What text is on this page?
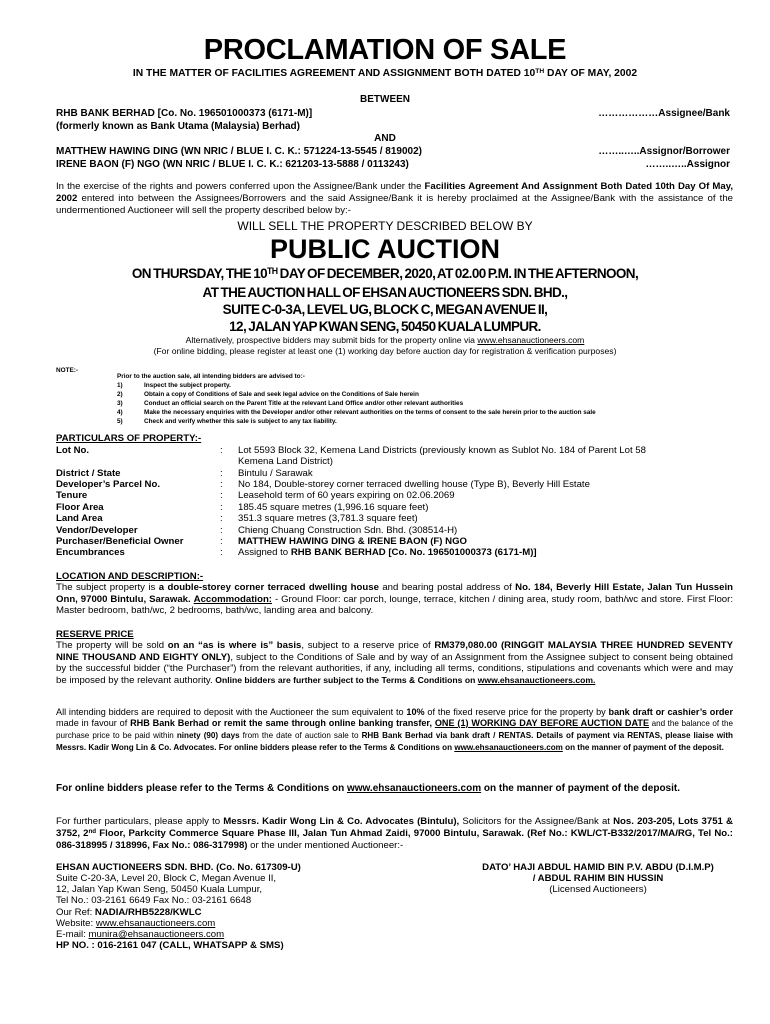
PROCLAMATION OF SALE

IN THE MATTER OF FACILITIES AGREEMENT AND ASSIGNMENT BOTH DATED 10TH DAY OF MAY, 2002

BETWEEN

RHB BANK BERHAD [Co. No. 196501000373 (6171-M)]	………………Assignee/Bank

(formerly known as Bank Utama (Malaysia) Berhad)

AND

MATTHEW HAWING DING (WN NRIC / BLUE I. C. K.: 571224-13-5545 / 819002)	……..…..Assignor/Borrower

IRENE BAON (F) NGO (WN NRIC / BLUE I. C. K.: 621203-13-5888 / 0113243)	……..…..Assignor

In the exercise of the rights and powers conferred upon the Assignee/Bank under the Facilities Agreement And Assignment Both Dated 10th Day Of May, 2002 entered into between the Assignees/Borrowers and the said Assignee/Bank it is hereby proclaimed at the Assignee/Bank with the assistance of the undermentioned Auctioneer will sell the property described below by:-

WILL SELL THE PROPERTY DESCRIBED BELOW BY

PUBLIC AUCTION

ON THURSDAY, THE 10TH DAY OF DECEMBER, 2020, AT 02.00 P.M. IN THE AFTERNOON,

AT THE AUCTION HALL OF EHSAN AUCTIONEERS SDN. BHD.,

SUITE C-0-3A, LEVEL UG, BLOCK C, MEGAN AVENUE II,

12, JALAN YAP KWAN SENG, 50450 KUALA LUMPUR.

Alternatively, prospective bidders may submit bids for the property online via www.ehsanauctioneers.com

(For online bidding, please register at least one (1) working day before auction day for registration & verification purposes)

NOTE:-

Prior to the auction sale, all intending bidders are advised to:-

1)	Inspect the subject property.

2)	Obtain a copy of Conditions of Sale and seek legal advice on the Conditions of Sale herein

3)	Conduct an official search on the Parent Title at the relevant Land Office and/or other relevant authorities

4)	Make the necessary enquiries with the Developer and/or other relevant authorities on the terms of consent to the sale herein prior to the auction sale

5)	Check and verify whether this sale is subject to any tax liability.

PARTICULARS OF PROPERTY:-

Lot No.	: Lot 5593 Block 32, Kemena Land Districts (previously known as Sublot No. 184 of Parent Lot 58
Kemena Land District)
District / State	: Bintulu / Sarawak
Developer’s Parcel No.	: No 184, Double-storey corner terraced dwelling house (Type B), Beverly Hill Estate
Tenure	: Leasehold term of 60 years expiring on 02.06.2069
Floor Area	: 185.45 square metres (1,996.16 square feet)
Land Area	: 351.3 square metres (3,781.3 square feet)
Vendor/Developer	: Chieng Chuang Construction Sdn. Bhd. (308514-H)
Purchaser/Beneficial Owner	: MATTHEW HAWING DING & IRENE BAON (F) NGO
Encumbrances	: Assigned to RHB BANK BERHAD [Co. No. 196501000373 (6171-M)]

LOCATION AND DESCRIPTION:-

The subject property is a double-storey corner terraced dwelling house and bearing postal address of No. 184, Beverly Hill Estate, Jalan Tun Hussein Onn, 97000 Bintulu, Sarawak. Accommodation: - Ground Floor: car porch, lounge, terrace, kitchen / dining area, study room, bath/wc and store. First Floor: Master bedroom, bath/wc, 2 bedrooms, bath/wc, landing area and balcony.

RESERVE PRICE

The property will be sold on an “as is where is” basis, subject to a reserve price of RM379,080.00 (RINGGIT MALAYSIA THREE HUNDRED SEVENTY NINE THOUSAND AND EIGHTY ONLY), subject to the Conditions of Sale and by way of an Assignment from the Assignee subject to consent being obtained by the successful bidder (“the Purchaser”) from the relevant authorities, if any, including all terms, conditions, stipulations and covenants which were and may be imposed by the relevant authority. Online bidders are further subject to the Terms & Conditions on www.ehsanauctioneers.com.

All intending bidders are required to deposit with the Auctioneer the sum equivalent to 10% of the fixed reserve price for the property by bank draft or cashier’s order made in favour of RHB Bank Berhad or remit the same through online banking transfer, ONE (1) WORKING DAY BEFORE AUCTION DATE and the balance of the purchase price to be paid within ninety (90) days from the date of auction sale to RHB Bank Berhad via bank draft / RENTAS. Details of payment via RENTAS, please liaise with Messrs. Kadir Wong Lin & Co. Advocates. For online bidders please refer to the Terms & Conditions on www.ehsanauctioneers.com on the manner of payment of the deposit.

For online bidders please refer to the Terms & Conditions on www.ehsanauctioneers.com on the manner of payment of the deposit.

For further particulars, please apply to Messrs. Kadir Wong Lin & Co. Advocates (Bintulu), Solicitors for the Assignee/Bank at Nos. 203-205, Lots 3751 & 3752, 2nd Floor, Parkcity Commerce Square Phase III, Jalan Tun Ahmad Zaidi, 97000 Bintulu, Sarawak. (Ref No.: KWL/CT-B332/2017/MA/RG, Tel No.: 086-318995 / 318996, Fax No.: 086-317998) or the under mentioned Auctioneer:-

EHSAN AUCTIONEERS SDN. BHD. (Co. No. 617309-U)

Suite C-20-3A, Level 20, Block C, Megan Avenue II,

12, Jalan Yap Kwan Seng, 50450 Kuala Lumpur,

Tel No.: 03-2161 6649 Fax No.: 03-2161 6648

Our Ref: NADIA/RHB5228/KWLC

Website: www.ehsanauctioneers.com

E-mail: munira@ehsanauctioneers.com

HP NO. : 016-2161 047 (CALL, WHATSAPP & SMS)

DATO’ HAJI ABDUL HAMID BIN P.V. ABDU (D.I.M.P)

/ ABDUL RAHIM BIN HUSSIN

(Licensed Auctioneers)
